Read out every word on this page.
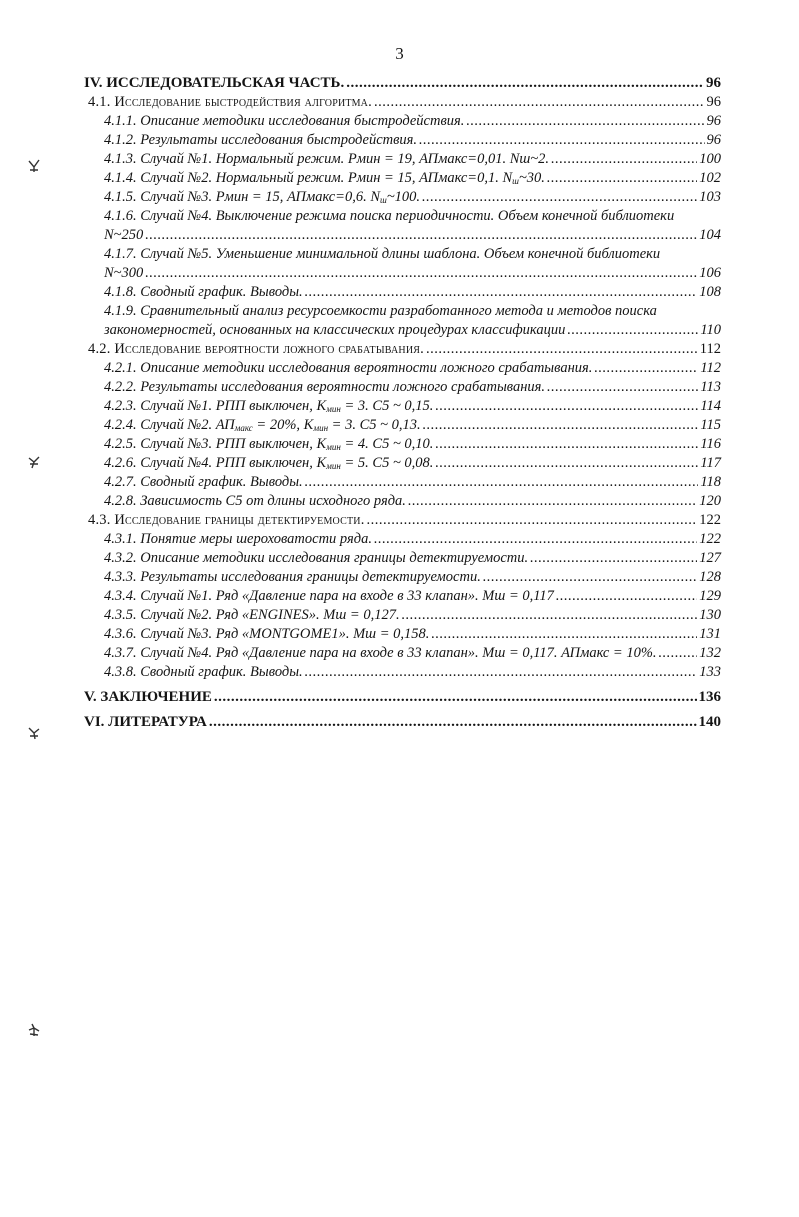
3
IV. ИССЛЕДОВАТЕЛЬСКАЯ ЧАСТЬ. .....	96
4.1. Исследование быстродействия алгоритма. .....	96
4.1.1. Описание методики исследования быстродействия. .....	96
4.1.2. Результаты исследования быстродействия. .....	96
4.1.3. Случай №1. Нормальный режим. Рмин = 19, АПмакс=0,01. Nш~2. .....	100
4.1.4. Случай №2. Нормальный режим. Рмин = 15, АПмакс=0,1. $N_ш\sim 30$. .....	102
4.1.5. Случай №3. Рмин = 15, АПмакс=0,6. $N_ш\sim 100$. .....	103
4.1.6. Случай №4. Выключение режима поиска периодичности. Объем конечной библиотеки
N~250 .....	104
4.1.7. Случай №5. Уменьшение минимальной длины шаблона. Объем конечной библиотеки
N~300 .....	106
4.1.8. Сводный график. Выводы. .....	108
4.1.9. Сравнительный анализ ресурсоемкости разработанного метода и методов поиска
закономерностей, основанных на классических процедурах классификации .....	110
4.2. Исследование вероятности ложного срабатывания. .....	112
4.2.1. Описание методики исследования вероятности ложного срабатывания. .....	112
4.2.2. Результаты исследования вероятности ложного срабатывания. .....	113
4.2.3. Случай №1. РПП выключен, $K_{мин} = 3$. C5 ~ 0,15. .....	114
4.2.4. Случай №2. $АП_{макс} = 20\%$, $K_{мин} = 3$. C5 ~ 0,13. .....	115
4.2.5. Случай №3. РПП выключен, $K_{мин} = 4$. C5 ~ 0,10. .....	116
4.2.6. Случай №4. РПП выключен, $K_{мин} = 5$. C5 ~ 0,08. .....	117
4.2.7. Сводный график. Выводы. .....	118
4.2.8. Зависимость C5 от длины исходного ряда. .....	120
4.3. Исследование границы детектируемости. .....	122
4.3.1. Понятие меры шероховатости ряда. .....	122
4.3.2. Описание методики исследования границы детектируемости. .....	127
4.3.3. Результаты исследования границы детектируемости. .....	128
4.3.4. Случай №1. Ряд «Давление пара на входе в 33 клапан». Мш = 0,117 .....	129
4.3.5. Случай №2. Ряд «ENGINES». Мш = 0,127. .....	130
4.3.6. Случай №3. Ряд «MONTGOME1». Мш = 0,158. .....	131
4.3.7. Случай №4. Ряд «Давление пара на входе в 33 клапан». Мш = 0,117. АПмакс = 10%. .....	132
4.3.8. Сводный график. Выводы. .....	133
V. ЗАКЛЮЧЕНИЕ .....	136
VI. ЛИТЕРАТУРА .....	140
